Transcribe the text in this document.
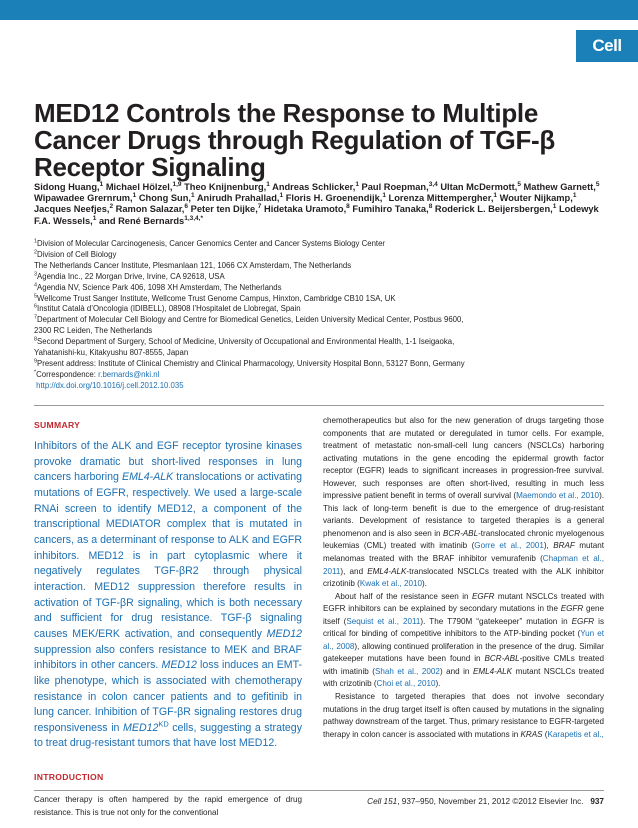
Cell
MED12 Controls the Response to Multiple Cancer Drugs through Regulation of TGF-β Receptor Signaling
Sidong Huang,$^1$ Michael Hölzel,$^{1,9}$ Theo Knijnenburg,$^1$ Andreas Schlicker,$^1$ Paul Roepman,$^{3,4}$ Ultan McDermott,$^5$ Mathew Garnett,$^5$ Wipawadee Grernrum,$^1$ Chong Sun,$^1$ Anirudh Prahallad,$^1$ Floris H. Groenendijk,$^1$ Lorenza Mittempergher,$^1$ Wouter Nijkamp,$^1$ Jacques Neefjes,$^2$ Ramon Salazar,$^6$ Peter ten Dijke,$^7$ Hidetaka Uramoto,$^8$ Fumihiro Tanaka,$^8$ Roderick L. Beijersbergen,$^1$ Lodewyk F.A. Wessels,$^1$ and René Bernards$^{1,3,4,*}$
$^1$Division of Molecular Carcinogenesis, Cancer Genomics Center and Cancer Systems Biology Center
$^2$Division of Cell Biology
The Netherlands Cancer Institute, Plesmanlaan 121, 1066 CX Amsterdam, The Netherlands
$^3$Agendia Inc., 22 Morgan Drive, Irvine, CA 92618, USA
$^4$Agendia NV, Science Park 406, 1098 XH Amsterdam, The Netherlands
$^5$Wellcome Trust Sanger Institute, Wellcome Trust Genome Campus, Hinxton, Cambridge CB10 1SA, UK
$^6$Institut Català d’Oncologia (IDIBELL), 08908 l’Hospitalet de Llobregat, Spain
$^7$Department of Molecular Cell Biology and Centre for Biomedical Genetics, Leiden University Medical Center, Postbus 9600,
2300 RC Leiden, The Netherlands
$^8$Second Department of Surgery, School of Medicine, University of Occupational and Environmental Health, 1-1 Iseigaoka,
Yahatanishi-ku, Kitakyushu 807-8555, Japan
$^9$Present address: Institute of Clinical Chemistry and Clinical Pharmacology, University Hospital Bonn, 53127 Bonn, Germany
*Correspondence: r.bernards@nki.nl
http://dx.doi.org/10.1016/j.cell.2012.10.035
SUMMARY
Inhibitors of the ALK and EGF receptor tyrosine kinases provoke dramatic but short-lived responses in lung cancers harboring EML4-ALK translocations or activating mutations of EGFR, respectively. We used a large-scale RNAi screen to identify MED12, a component of the transcriptional MEDIATOR complex that is mutated in cancers, as a determinant of response to ALK and EGFR inhibitors. MED12 is in part cytoplasmic where it negatively regulates TGF-βR2 through physical interaction. MED12 suppression therefore results in activation of TGF-βR signaling, which is both necessary and sufficient for drug resistance. TGF-β signaling causes MEK/ERK activation, and consequently MED12 suppression also confers resistance to MEK and BRAF inhibitors in other cancers. MED12 loss induces an EMT-like phenotype, which is associated with chemotherapy resistance in colon cancer patients and to gefitinib in lung cancer. Inhibition of TGF-βR signaling restores drug responsiveness in $MED12^{KD}$ cells, suggesting a strategy to treat drug-resistant tumors that have lost MED12.
INTRODUCTION
Cancer therapy is often hampered by the rapid emergence of drug resistance. This is true not only for the conventional

chemotherapeutics but also for the new generation of drugs targeting those components that are mutated or deregulated in tumor cells. For example, treatment of metastatic non-small-cell lung cancers (NSCLCs) harboring activating mutations in the gene encoding the epidermal growth factor receptor (EGFR) leads to significant increases in progression-free survival. However, such responses are often short-lived, resulting in much less impressive patient benefit in terms of overall survival (Maemondo et al., 2010). This lack of long-term benefit is due to the emergence of drug-resistant variants. Development of resistance to targeted therapies is a general phenomenon and is also seen in BCR-ABL-translocated chronic myelogenous leukemias (CML) treated with imatinib (Gorre et al., 2001), BRAF mutant melanomas treated with the BRAF inhibitor vemurafenib (Chapman et al., 2011), and EML4-ALK-translocated NSCLCs treated with the ALK inhibitor crizotinib (Kwak et al., 2010).

About half of the resistance seen in EGFR mutant NSCLCs treated with EGFR inhibitors can be explained by secondary mutations in the EGFR gene itself (Sequist et al., 2011). The T790M “gatekeeper” mutation in EGFR is critical for binding of competitive inhibitors to the ATP-binding pocket (Yun et al., 2008), allowing continued proliferation in the presence of the drug. Similar gatekeeper mutations have been found in BCR-ABL-positive CMLs treated with imatinib (Shah et al., 2002) and in EML4-ALK mutant NSCLCs treated with crizotinib (Choi et al., 2010).

Resistance to targeted therapies that does not involve secondary mutations in the drug target itself is often caused by mutations in the signaling pathway downstream of the target. Thus, primary resistance to EGFR-targeted therapy in colon cancer is associated with mutations in KRAS (Karapetis et al.,

Cell 151, 937–950, November 21, 2012 ©2012 Elsevier Inc. 937
